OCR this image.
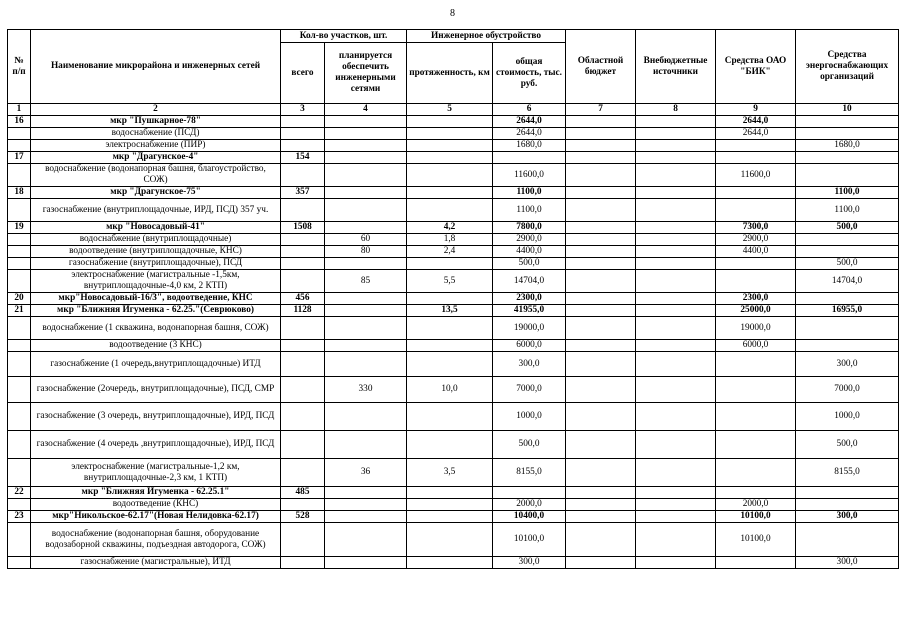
8
№ п/п	Наименование микрорайона и инженерных сетей	Кол-во участков, шт.		Инженерное обустройство		Областной бюджет	Внебюджетные источники	Средства ОАО "БИК"	Средства энергоснабжающих организаций
		всего	планируется обеспечить инженерными сетями	протяженность, км	общая стоимость, тыс. руб.				
1	2	3	4	5	6	7	8	9	10
16	мкр "Пушкарное-78"				2644,0			2644,0	
	водоснабжение (ПСД)				2644,0			2644,0	
	электроснабжение (ПИР)				1680,0				1680,0
17	мкр "Драгунское-4"	154							
	водоснабжение (водонапорная башня, благоустройство, СОЖ)				11600,0			11600,0	
18	мкр "Драгунское-75"	357			1100,0				1100,0
	газоснабжение (внутриплощадочные, ИРД, ПСД) 357 уч.				1100,0				1100,0
19	мкр "Новосадовый-41"	1508		4,2	7800,0			7300,0	500,0
	водоснабжение (внутриплощадочные)		60	1,8	2900,0			2900,0	
	водоотведение (внутриплощадочные, КНС)		80	2,4	4400,0			4400,0	
	газоснабжение (внутриплощадочные), ПСД				500,0				500,0
	электроснабжение (магистральные -1,5км, внутриплощадочные-4,0 км, 2 КТП)		85	5,5	14704,0				14704,0
20	мкр"Новосадовый-16/3", водоотведение, КНС	456			2300,0			2300,0	
21	мкр "Ближняя Игуменка - 62.25."(Севрюково)	1128		13,5	41955,0			25000,0	16955,0
	водоснабжение (1 скважина, водонапорная башня, СОЖ)				19000,0			19000,0	
	водоотведение (3 КНС)				6000,0			6000,0	
	газоснабжение (1 очередь,внутриплощадочные) ИТД				300,0				300,0
	газоснабжение (2очередь, внутриплощадочные), ПСД, СМР		330	10,0	7000,0				7000,0
	газоснабжение (3 очередь, внутриплощадочные), ИРД, ПСД				1000,0				1000,0
	газоснабжение (4 очередь ,внутриплощадочные), ИРД, ПСД				500,0				500,0
	электроснабжение (магистральные-1,2 км, внутриплощадочные-2,3 км, 1 КТП)		36	3,5	8155,0				8155,0
22	мкр "Ближняя Игуменка - 62.25.1"	485							
	водоотведение (КНС)				2000,0			2000,0	
23	мкр"Никольское-62.17"(Новая Нелидовка-62.17)	528			10400,0			10100,0	300,0
	водоснабжение (водонапорная башня, оборудование водозаборной скважины, подъездная автодорога, СОЖ)				10100,0			10100,0	
	газоснабжение (магистральные), ИТД				300,0				300,0
